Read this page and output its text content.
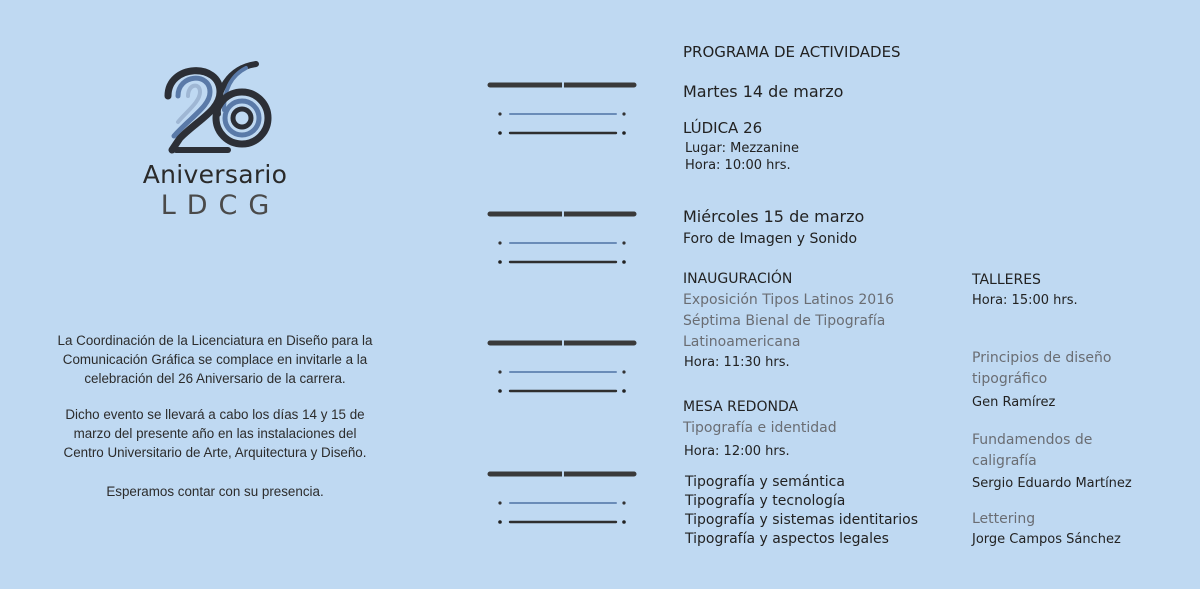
Aniversario
LDCG
La Coordinación de la Licenciatura en Diseño para la
Comunicación Gráfica se complace en invitarle a la
celebración del 26 Aniversario de la carrera.
Dicho evento se llevará a cabo los días 14 y 15 de
marzo del presente año en las instalaciones del
Centro Universitario de Arte, Arquitectura y Diseño.
Esperamos contar con su presencia.
PROGRAMA DE ACTIVIDADES
Martes 14 de marzo
LÚDICA 26
Lugar: Mezzanine
Hora: 10:00 hrs.
Miércoles 15 de marzo
Foro de Imagen y Sonido
INAUGURACIÓN
Exposición Tipos Latinos 2016
Séptima Bienal de Tipografía
Latinoamericana
Hora: 11:30 hrs.
MESA REDONDA
Tipografía e identidad
Hora: 12:00 hrs.
Tipografía y semántica
Tipografía y tecnología
Tipografía y sistemas identitarios
Tipografía y aspectos legales
TALLERES
Hora: 15:00 hrs.
Principios de diseño
tipográfico
Gen Ramírez
Fundamendos de
caligrafía
Sergio Eduardo Martínez
Lettering
Jorge Campos Sánchez
